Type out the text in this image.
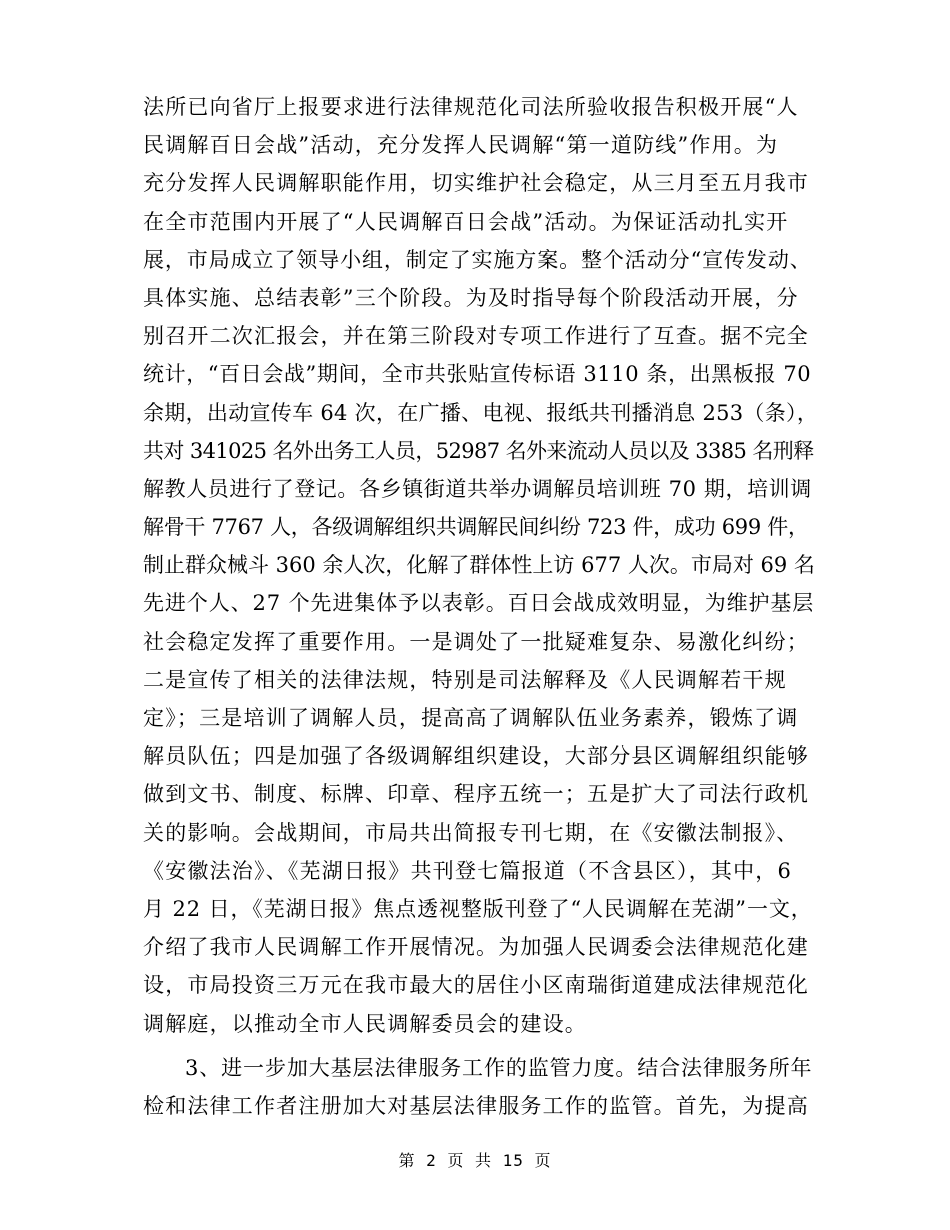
法所已向省厅上报要求进行法律规范化司法所验收报告积极开展“人
民调解百日会战”活动，充分发挥人民调解“第一道防线”作用。为
充分发挥人民调解职能作用，切实维护社会稳定，从三月至五月我市
在全市范围内开展了“人民调解百日会战”活动。为保证活动扎实开
展，市局成立了领导小组，制定了实施方案。整个活动分“宣传发动、
具体实施、总结表彰”三个阶段。为及时指导每个阶段活动开展，分
别召开二次汇报会，并在第三阶段对专项工作进行了互查。据不完全
统计，“百日会战”期间，全市共张贴宣传标语 3110 条，出黑板报 70
余期，出动宣传车 64 次，在广播、电视、报纸共刊播消息 253（条），
共对 341025 名外出务工人员，52987 名外来流动人员以及 3385 名刑释
解教人员进行了登记。各乡镇街道共举办调解员培训班 70 期，培训调
解骨干 7767 人，各级调解组织共调解民间纠纷 723 件，成功 699 件，
制止群众械斗 360 余人次，化解了群体性上访 677 人次。市局对 69 名
先进个人、27 个先进集体予以表彰。百日会战成效明显，为维护基层
社会稳定发挥了重要作用。一是调处了一批疑难复杂、易激化纠纷；
二是宣传了相关的法律法规，特别是司法解释及《人民调解若干规
定》；三是培训了调解人员，提高高了调解队伍业务素养，锻炼了调
解员队伍；四是加强了各级调解组织建设，大部分县区调解组织能够
做到文书、制度、标牌、印章、程序五统一；五是扩大了司法行政机
关的影响。会战期间，市局共出简报专刊七期，在《安徽法制报》、
《安徽法治》、《芜湖日报》共刊登七篇报道（不含县区），其中，6
月 22 日，《芜湖日报》焦点透视整版刊登了“人民调解在芜湖”一文，
介绍了我市人民调解工作开展情况。为加强人民调委会法律规范化建
设，市局投资三万元在我市最大的居住小区南瑞街道建成法律规范化
调解庭，以推动全市人民调解委员会的建设。
3、进一步加大基层法律服务工作的监管力度。结合法律服务所年
检和法律工作者注册加大对基层法律服务工作的监管。首先，为提高
第 2 页 共 15 页
